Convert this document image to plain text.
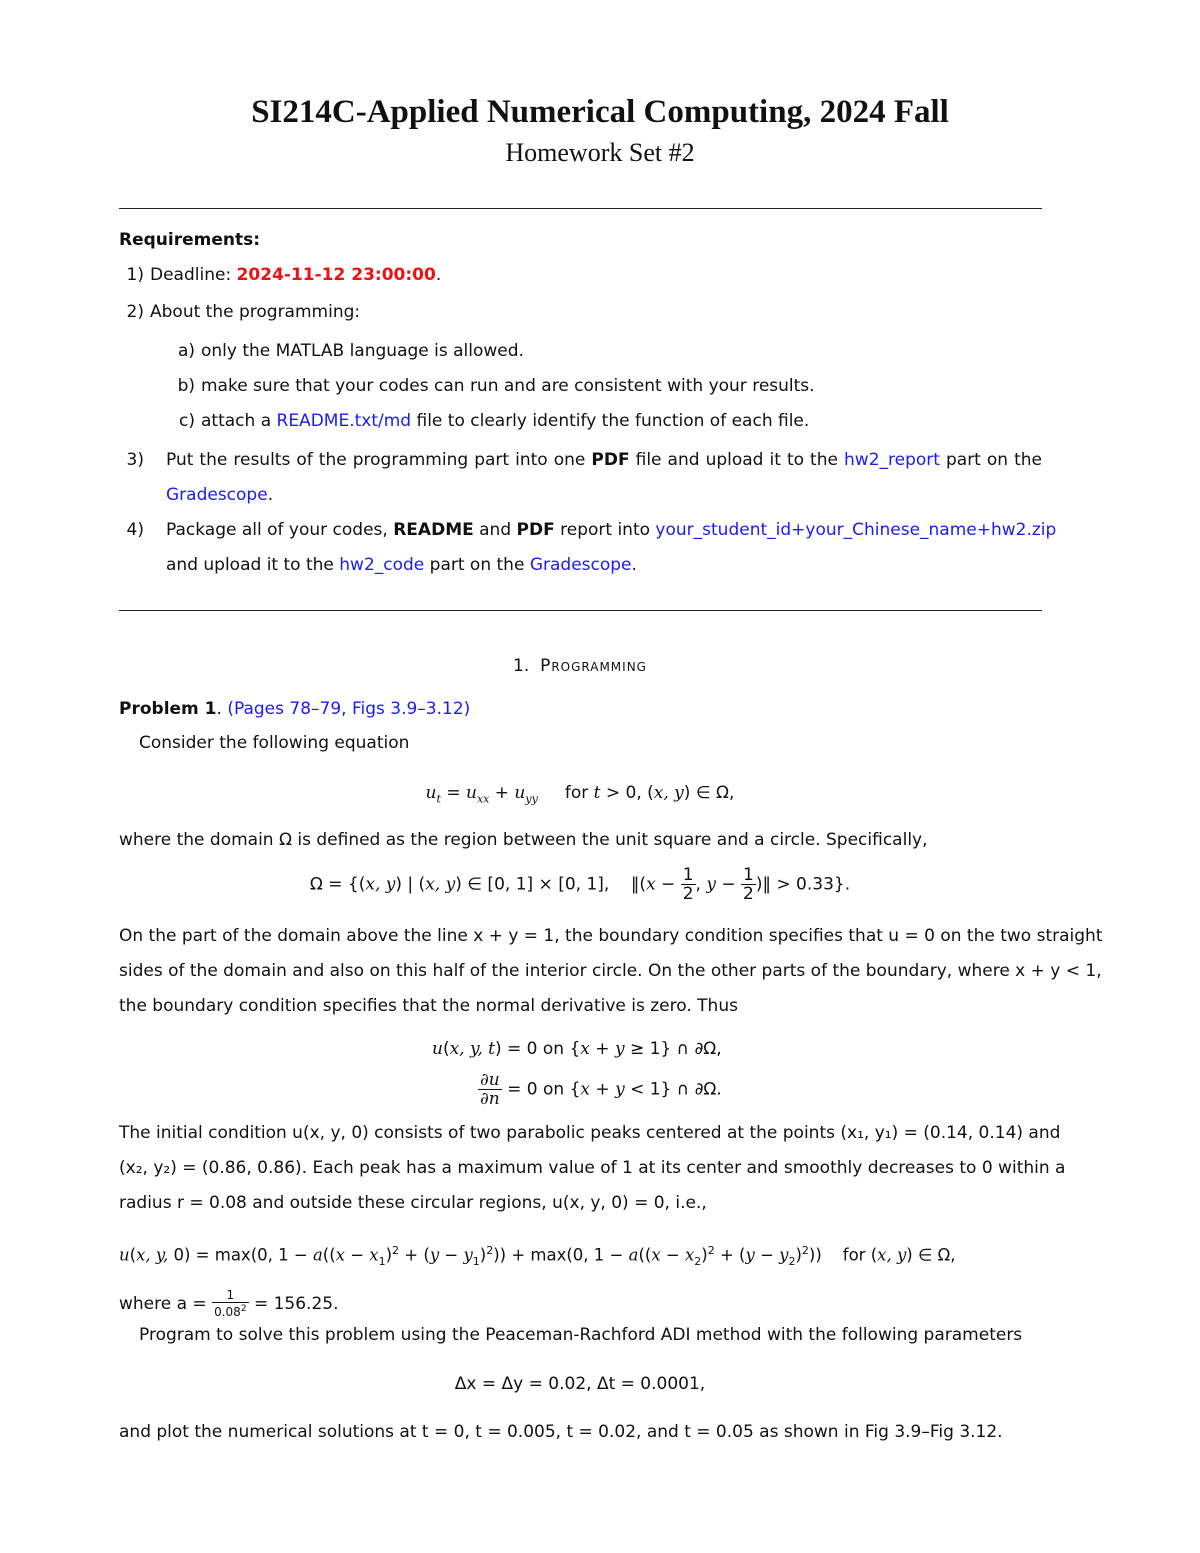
SI214C-Applied Numerical Computing, 2024 Fall
Homework Set #2
Requirements:
1) Deadline: 2024-11-12 23:00:00.
2) About the programming:
a) only the MATLAB language is allowed.
b) make sure that your codes can run and are consistent with your results.
c) attach a README.txt/md file to clearly identify the function of each file.
3)	Put the results of the programming part into one PDF file and upload it to the hw2_report part on the
Gradescope.
4)	Package all of your codes, README and PDF report into your_student_id+your_Chinese_name+hw2.zip
and upload it to the hw2_code part on the Gradescope.
1. Programming
Problem 1. (Pages 78–79, Figs 3.9–3.12)
Consider the following equation
$u_t = u_{xx} + u_{yy}$ for t > 0, (x, y) ∈ Ω,
where the domain Ω is defined as the region between the unit square and a circle. Specifically,
Ω = {(x, y) | (x, y) ∈ [0, 1] × [0, 1],    ‖(x − $\frac{1}{2}$ , $y - \frac{1}{2}$ )‖ > 0.33}.
On the part of the domain above the line x + y = 1, the boundary condition specifies that u = 0 on the two straight
sides of the domain and also on this half of the interior circle. On the other parts of the boundary, where x + y < 1,
the boundary condition specifies that the normal derivative is zero. Thus
u(x, y, t) = 0 on {x + y ≥ 1} ∩ ∂Ω,
$\frac{\partial u}{\partial n} = 0$ on {x + y < 1} ∩ ∂Ω.
The initial condition u(x, y, 0) consists of two parabolic peaks centered at the points (x₁, y₁) = (0.14, 0.14) and
(x₂, y₂) = (0.86, 0.86). Each peak has a maximum value of 1 at its center and smoothly decreases to 0 within a
radius r = 0.08 and outside these circular regions, u(x, y, 0) = 0, i.e.,
u(x, y, 0) = max(0, $1 - a((x - x_1)^2 + (y - y_1)^2)) + \max(0$, $1 - a((x - x_2)^2 + (y - y_2)^2)$)    for (x, y) ∈ Ω,
where $a = \frac{1}{0.08^2} = 156.25$.
Program to solve this problem using the Peaceman-Rachford ADI method with the following parameters
Δx = Δy = 0.02, Δt = 0.0001,
and plot the numerical solutions at t = 0, t = 0.005, t = 0.02, and t = 0.05 as shown in Fig 3.9–Fig 3.12.
